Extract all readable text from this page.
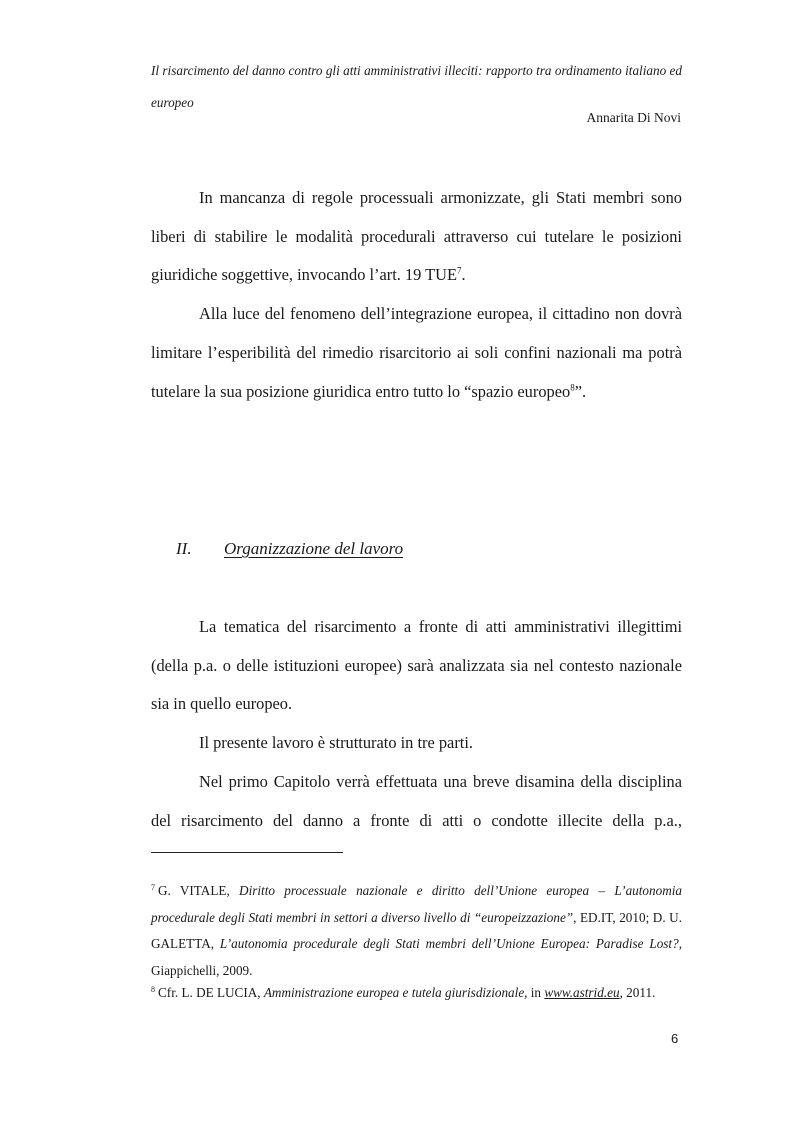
Il risarcimento del danno contro gli atti amministrativi illeciti: rapporto tra ordinamento italiano ed europeo
Annarita Di Novi

In mancanza di regole processuali armonizzate, gli Stati membri sono liberi di stabilire le modalità procedurali attraverso cui tutelare le posizioni giuridiche soggettive, invocando l’art. 19 TUE$^7$.

Alla luce del fenomeno dell’integrazione europea, il cittadino non dovrà limitare l’esperibilità del rimedio risarcitorio ai soli confini nazionali ma potrà tutelare la sua posizione giuridica entro tutto lo “spazio europeo$^8$”.

II. Organizzazione del lavoro

La tematica del risarcimento a fronte di atti amministrativi illegittimi (della p.a. o delle istituzioni europee) sarà analizzata sia nel contesto nazionale sia in quello europeo.

Il presente lavoro è strutturato in tre parti.

Nel primo Capitolo verrà effettuata una breve disamina della disciplina del risarcimento del danno a fronte di atti o condotte illecite della p.a.,

$^7$ G. VITALE, Diritto processuale nazionale e diritto dell’Unione europea – L’autonomia procedurale degli Stati membri in settori a diverso livello di “europeizzazione”, ED.IT, 2010; D. U. GALETTA, L’autonomia procedurale degli Stati membri dell’Unione Europea: Paradise Lost?, Giappichelli, 2009.
$^8$ Cfr. L. DE LUCIA, Amministrazione europea e tutela giurisdizionale, in www.astrid.eu, 2011.
6
